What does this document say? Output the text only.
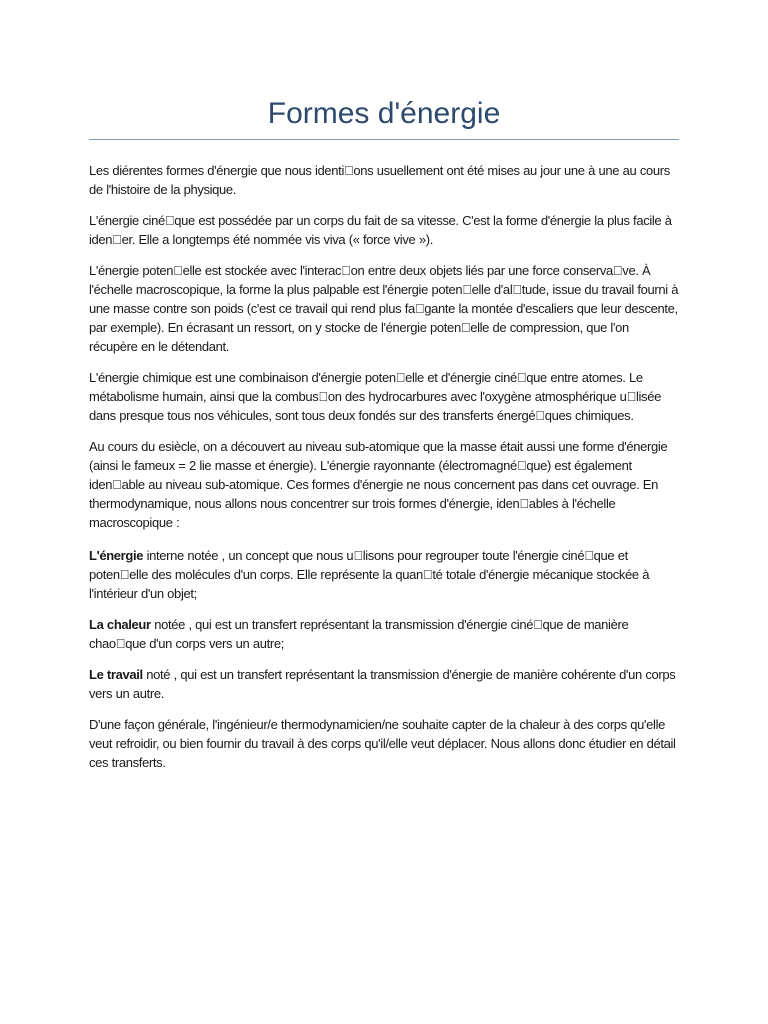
Formes d'énergie

Les diérentes formes d'énergie que nous identi ons usuellement ont été mises au jour une à une au cours de l'histoire de la physique.

L'énergie ciné que est possédée par un corps du fait de sa vitesse. C'est la forme d'énergie la plus facile à iden er. Elle a longtemps été nommée vis viva (« force vive »).

L'énergie poten elle est stockée avec l'interac on entre deux objets liés par une force conserva ve. À l'échelle macroscopique, la forme la plus palpable est l'énergie poten elle d'al tude, issue du travail fourni à une masse contre son poids (c'est ce travail qui rend plus fa gante la montée d'escaliers que leur descente, par exemple). En écrasant un ressort, on y stocke de l'énergie poten elle de compression, que l'on récupère en le détendant.

L'énergie chimique est une combinaison d'énergie poten elle et d'énergie ciné que entre atomes. Le métabolisme humain, ainsi que la combus on des hydrocarbures avec l'oxygène atmosphérique u lisée dans presque tous nos véhicules, sont tous deux fondés sur des transferts énergé ques chimiques.

Au cours du esiècle, on a découvert au niveau sub-atomique que la masse était aussi une forme d'énergie (ainsi le fameux = 2 lie masse et énergie). L'énergie rayonnante (électromagné que) est également iden able au niveau sub-atomique. Ces formes d'énergie ne nous concernent pas dans cet ouvrage. En thermodynamique, nous allons nous concentrer sur trois formes d'énergie, iden ables à l'échelle macroscopique :

L'énergie interne notée , un concept que nous u lisons pour regrouper toute l'énergie ciné que et poten elle des molécules d'un corps. Elle représente la quan té totale d'énergie mécanique stockée à l'intérieur d'un objet;

La chaleur notée , qui est un transfert représentant la transmission d'énergie ciné que de manière chao que d'un corps vers un autre;

Le travail noté , qui est un transfert représentant la transmission d'énergie de manière cohérente d'un corps vers un autre.

D'une façon générale, l'ingénieur/e thermodynamicien/ne souhaite capter de la chaleur à des corps qu'elle veut refroidir, ou bien fournir du travail à des corps qu'il/elle veut déplacer. Nous allons donc étudier en détail ces transferts.
